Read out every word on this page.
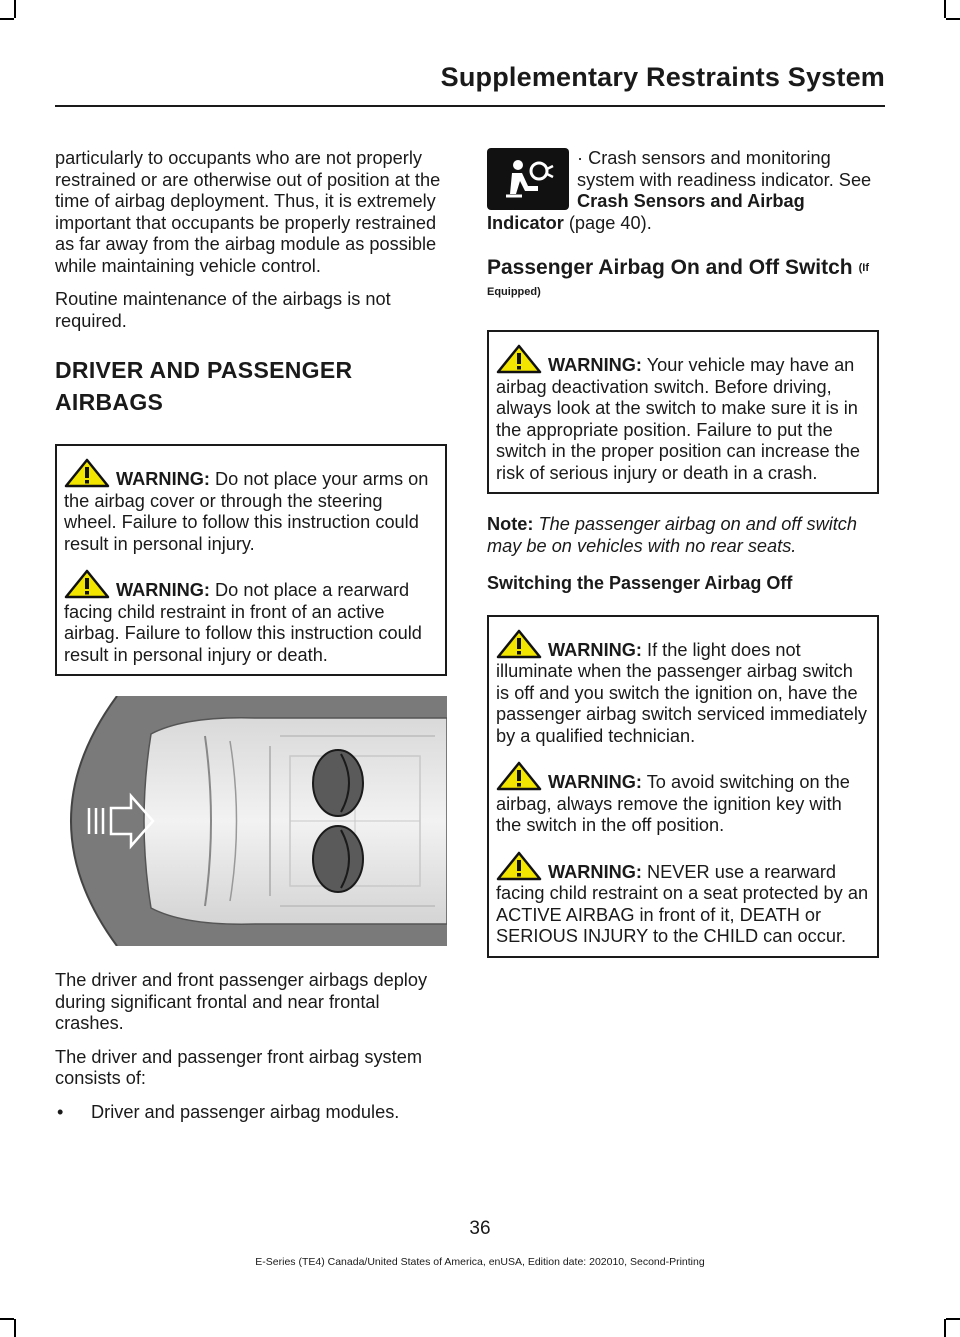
Supplementary Restraints System

particularly to occupants who are not properly restrained or are otherwise out of position at the time of airbag deployment. Thus, it is extremely important that occupants be properly restrained as far away from the airbag module as possible while maintaining vehicle control.

Routine maintenance of the airbags is not required.

DRIVER AND PASSENGER AIRBAGS

WARNING: Do not place your arms on the airbag cover or through the steering wheel. Failure to follow this instruction could result in personal injury.

WARNING: Do not place a rearward facing child restraint in front of an active airbag. Failure to follow this instruction could result in personal injury or death.

The driver and front passenger airbags deploy during significant frontal and near frontal crashes.

The driver and passenger front airbag system consists of:

•	Driver and passenger airbag modules.
· Crash sensors and monitoring system with readiness indicator. See Crash Sensors and Airbag Indicator (page 40).
Passenger Airbag On and Off Switch (If Equipped)

WARNING: Your vehicle may have an airbag deactivation switch. Before driving, always look at the switch to make sure it is in the appropriate position. Failure to put the switch in the proper position can increase the risk of serious injury or death in a crash.

Note: The passenger airbag on and off switch may be on vehicles with no rear seats.

Switching the Passenger Airbag Off

WARNING: If the light does not illuminate when the passenger airbag switch is off and you switch the ignition on, have the passenger airbag switch serviced immediately by a qualified technician.

WARNING: To avoid switching on the airbag, always remove the ignition key with the switch in the off position.

WARNING: NEVER use a rearward facing child restraint on a seat protected by an ACTIVE AIRBAG in front of it, DEATH or SERIOUS INJURY to the CHILD can occur.

36
E-Series (TE4) Canada/United States of America, enUSA, Edition date: 202010, Second-Printing
